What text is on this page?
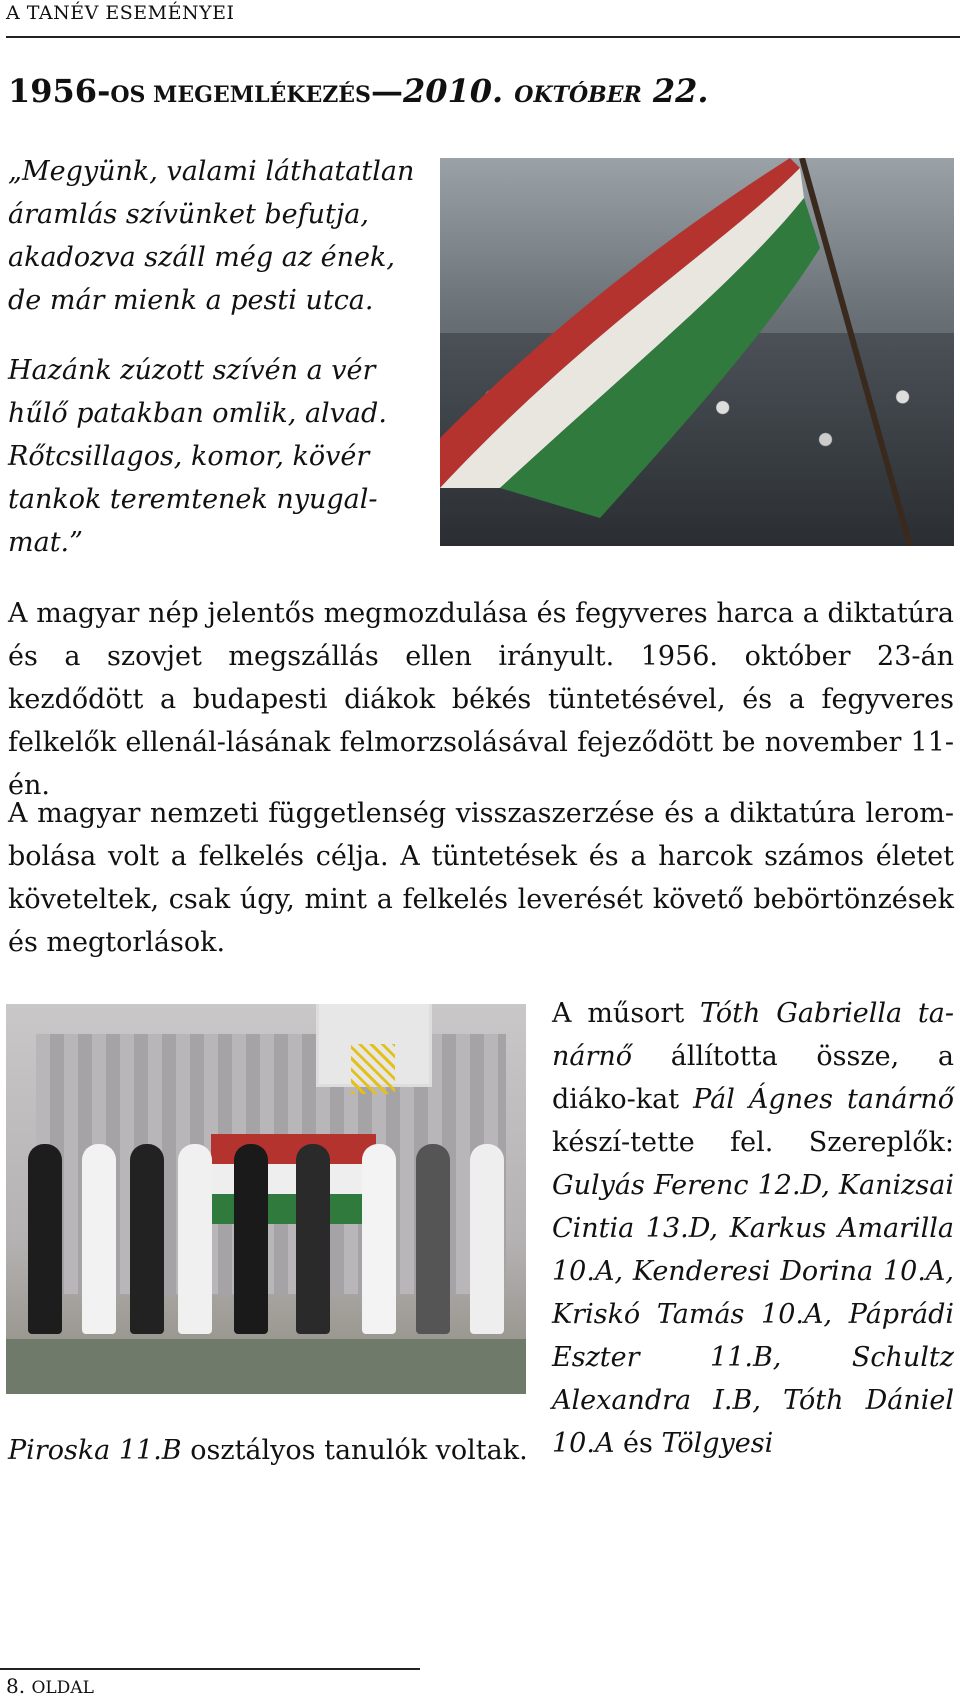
A TANÉV ESEMÉNYEI
1956-OS MEGEMLÉKEZÉS—2010. OKTÓBER 22.

„Megyünk, valami láthatatlan
áramlás szívünket befutja,
akadozva száll még az ének,
de már mienk a pesti utca.

Hazánk zúzott szívén a vér
hűlő patakban omlik, alvad.
Rőtcsillagos, komor, kövér
tankok teremtenek nyugal-
mat.”

A magyar nép jelentős megmozdulása és fegyveres harca a diktatúra és a szovjet megszállás ellen irányult. 1956. október 23-án kezdődött a budapesti diákok békés tüntetésével, és a fegyveres felkelők ellenál-lásának felmorzsolásával fejeződött be november 11-én.

A magyar nemzeti függetlenség visszaszerzése és a diktatúra lerom-bolása volt a felkelés célja. A tüntetések és a harcok számos életet követeltek, csak úgy, mint a felkelés leverését követő bebörtönzések és megtorlások.

A műsort Tóth Gabriella ta-nárnő állította össze, a diáko-kat Pál Ágnes tanárnő készí-tette fel. Szereplők: Gulyás Ferenc 12.D, Kanizsai Cintia 13.D, Karkus Amarilla 10.A, Kenderesi Dorina 10.A, Kriskó Tamás 10.A, Páprádi Eszter 11.B, Schultz Alexandra I.B, Tóth Dániel 10.A és Tölgyesi

Piroska 11.B osztályos tanulók voltak.

8. OLDAL
